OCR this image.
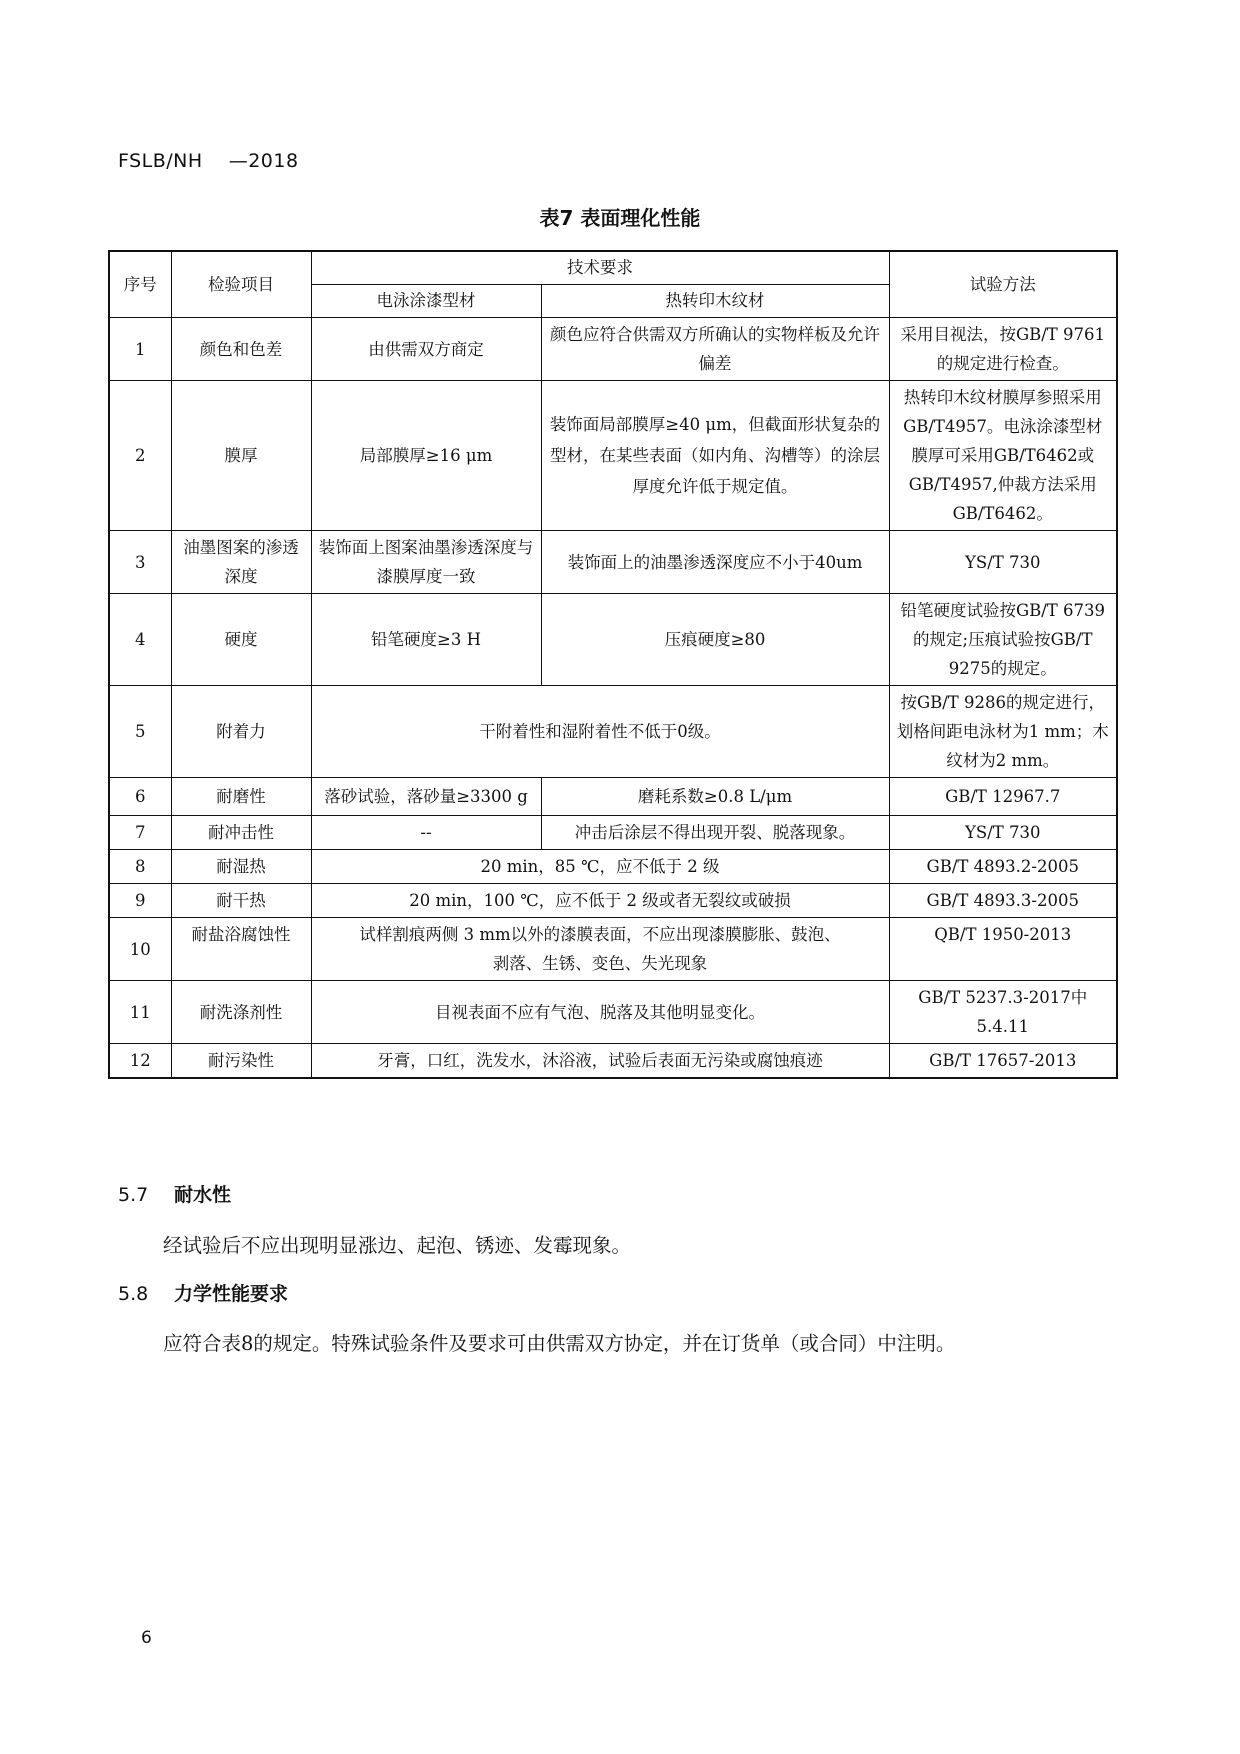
FSLB/NH —2018
表7 表面理化性能
序号	检验项目	技术要求		试验方法
		电泳涂漆型材	热转印木纹材	
1	颜色和色差	由供需双方商定	颜色应符合供需双方所确认的实物样板及允许偏差	采用目视法，按GB/T 9761的规定进行检查。
2	膜厚	局部膜厚≥16 μm	装饰面局部膜厚≥40 μm，但截面形状复杂的型材，在某些表面（如内角、沟槽等）的涂层厚度允许低于规定值。	热转印木纹材膜厚参照采用GB/T4957。电泳涂漆型材膜厚可采用GB/T6462或GB/T4957,仲裁方法采用GB/T6462。
3	油墨图案的渗透深度	装饰面上图案油墨渗透深度与漆膜厚度一致	装饰面上的油墨渗透深度应不小于40um	YS/T 730
4	硬度	铅笔硬度≥3 H	压痕硬度≥80	铅笔硬度试验按GB/T 6739的规定;压痕试验按GB/T 9275的规定。
5	附着力	干附着性和湿附着性不低于0级。		按GB/T 9286的规定进行，划格间距电泳材为1 mm；木纹材为2 mm。
6	耐磨性	落砂试验，落砂量≥3300 g	磨耗系数≥0.8 L/μm	GB/T 12967.7
7	耐冲击性	--	冲击后涂层不得出现开裂、脱落现象。	YS/T 730
8	耐湿热	20 min，85 ℃，应不低于 2 级		GB/T 4893.2-2005
9	耐干热	20 min，100 ℃，应不低于 2 级或者无裂纹或破损		GB/T 4893.3-2005
10	耐盐浴腐蚀性	试样割痕两侧 3 mm以外的漆膜表面，不应出现漆膜膨胀、鼓泡、剥落、生锈、变色、失光现象		QB/T 1950-2013
11	耐洗涤剂性	目视表面不应有气泡、脱落及其他明显变化。		GB/T 5237.3-2017中5.4.11
12	耐污染性	牙膏，口红，洗发水，沐浴液，试验后表面无污染或腐蚀痕迹		GB/T 17657-2013
5.7 耐水性
经试验后不应出现明显涨边、起泡、锈迹、发霉现象。
5.8 力学性能要求
应符合表8的规定。特殊试验条件及要求可由供需双方协定，并在订货单（或合同）中注明。
6
